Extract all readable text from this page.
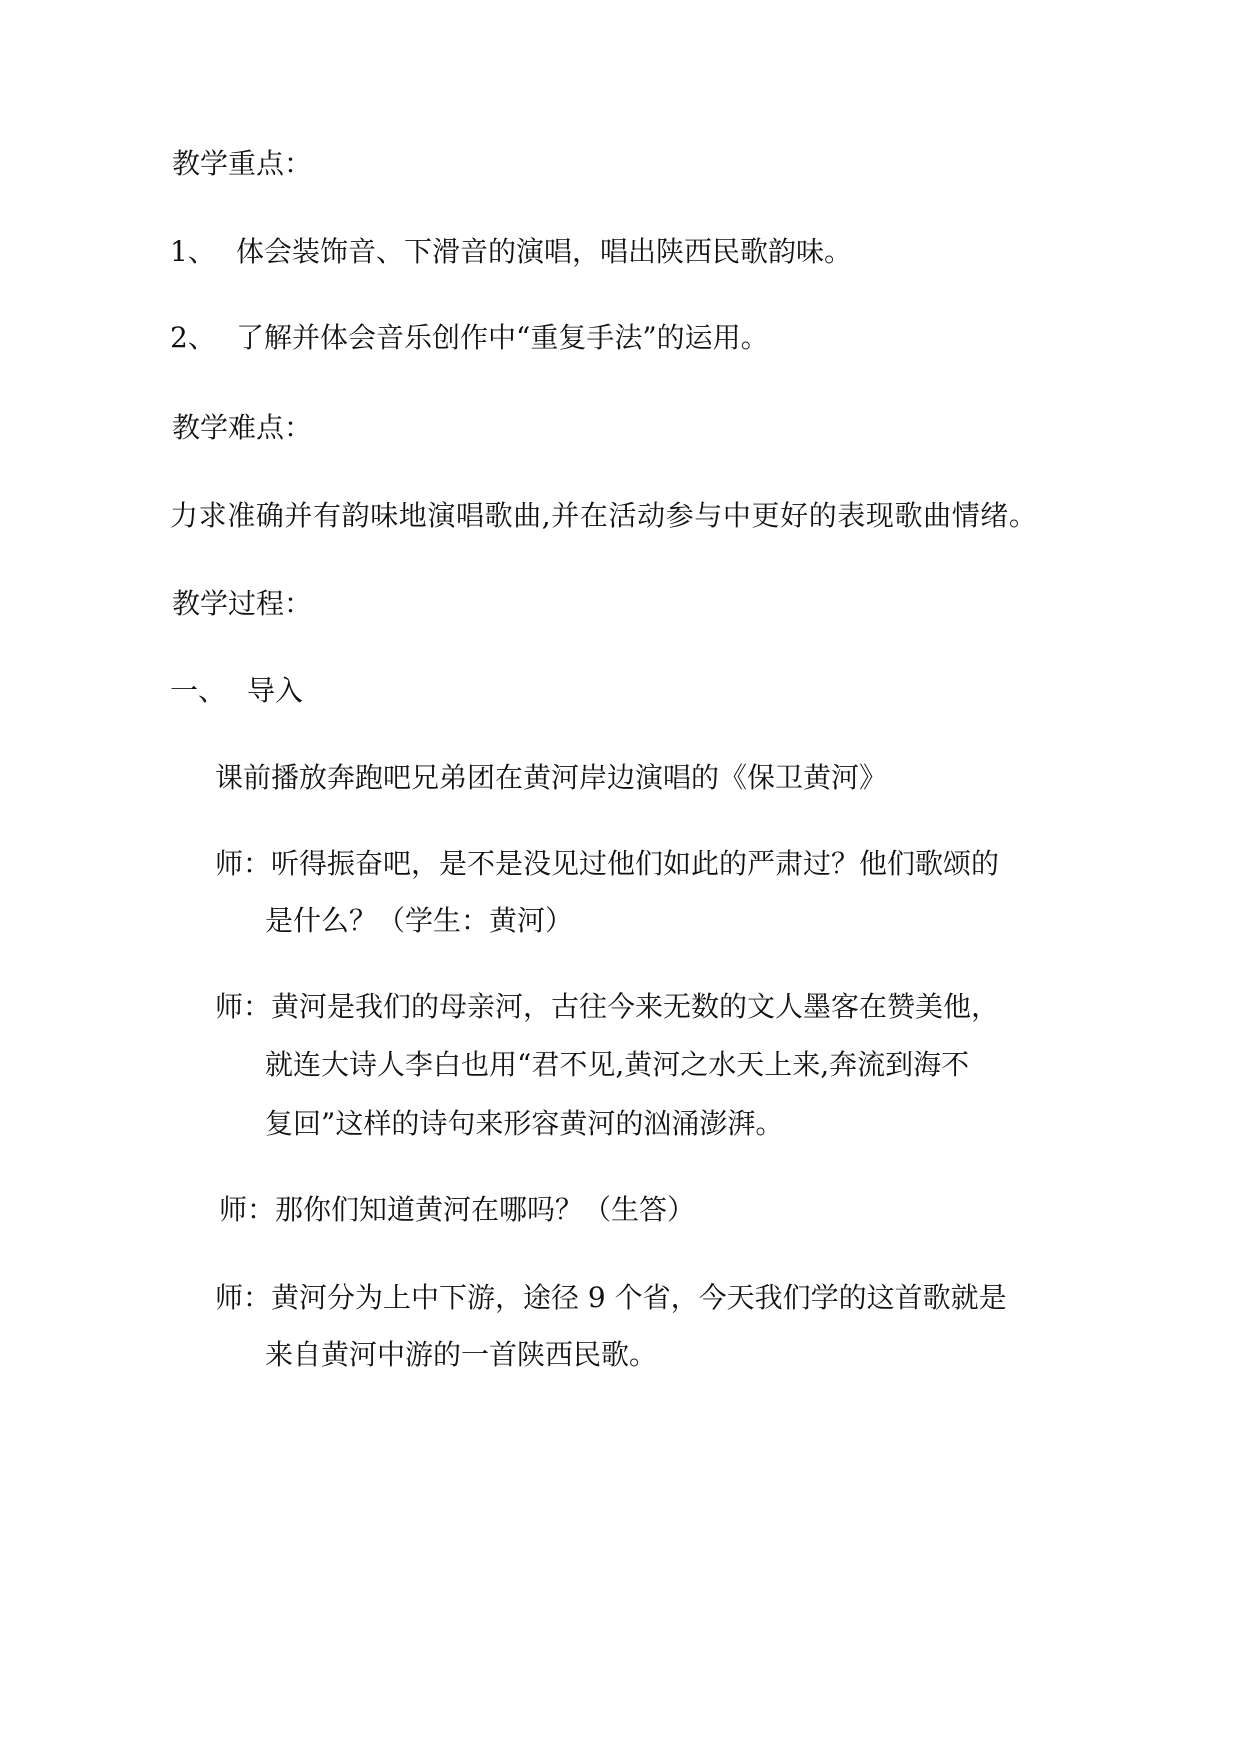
教学重点：
1、 体会装饰音、下滑音的演唱，唱出陕西民歌韵味。
2、 了解并体会音乐创作中“重复手法”的运用。
教学难点：
力求准确并有韵味地演唱歌曲,并在活动参与中更好的表现歌曲情绪。
教学过程：
一、 导入
课前播放奔跑吧兄弟团在黄河岸边演唱的《保卫黄河》
师：听得振奋吧，是不是没见过他们如此的严肃过？他们歌颂的
是什么？（学生：黄河）
师：黄河是我们的母亲河，古往今来无数的文人墨客在赞美他，
就连大诗人李白也用“君不见,黄河之水天上来,奔流到海不
复回”这样的诗句来形容黄河的汹涌澎湃。
师：那你们知道黄河在哪吗？（生答）
师：黄河分为上中下游，途径 9 个省，今天我们学的这首歌就是
来自黄河中游的一首陕西民歌。
